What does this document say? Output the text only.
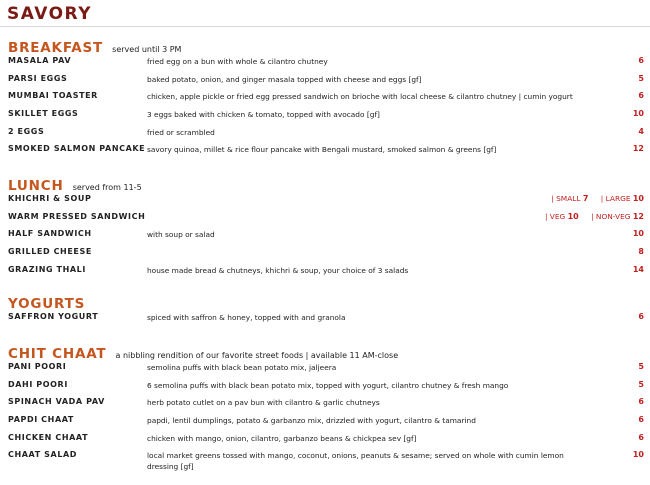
SAVORY
BREAKFAST served until 3 PM
MASALA PAV	fried egg on a bun with whole & cilantro chutney	6
PARSI EGGS	baked potato, onion, and ginger masala topped with cheese and eggs [gf]	5
MUMBAI TOASTER	chicken, apple pickle or fried egg pressed sandwich on brioche with local cheese & cilantro chutney | cumin yogurt	6
SKILLET EGGS	3 eggs baked with chicken & tomato, topped with avocado [gf]	10
2 EGGS	fried or scrambled	4
SMOKED SALMON PANCAKE savory quinoa, millet & rice flour pancake with Bengali mustard, smoked salmon & greens [gf]	12
LUNCH served from 11-5
KHICHRI & SOUP	| SMALL 7 | LARGE 10
WARM PRESSED SANDWICH	| VEG 10 | NON-VEG 12
HALF SANDWICH	with soup or salad	10
GRILLED CHEESE	8
GRAZING THALI	house made bread & chutneys, khichri & soup, your choice of 3 salads	14
YOGURTS
SAFFRON YOGURT	spiced with saffron & honey, topped with and granola	6
CHIT CHAAT a nibbling rendition of our favorite street foods | available 11 AM-close
PANI POORI	semolina puffs with black bean potato mix, jaljeera	5
DAHI POORI	6 semolina puffs with black bean potato mix, topped with yogurt, cilantro chutney & fresh mango	5
SPINACH VADA PAV	herb potato cutlet on a pav bun with cilantro & garlic chutneys	6
PAPDI CHAAT	papdi, lentil dumplings, potato & garbanzo mix, drizzled with yogurt, cilantro & tamarind	6
CHICKEN CHAAT	chicken with mango, onion, cilantro, garbanzo beans & chickpea sev [gf]	6
CHAAT SALAD	local market greens tossed with mango, coconut, onions, peanuts & sesame; served on whole with cumin lemon dressing [gf]
10
